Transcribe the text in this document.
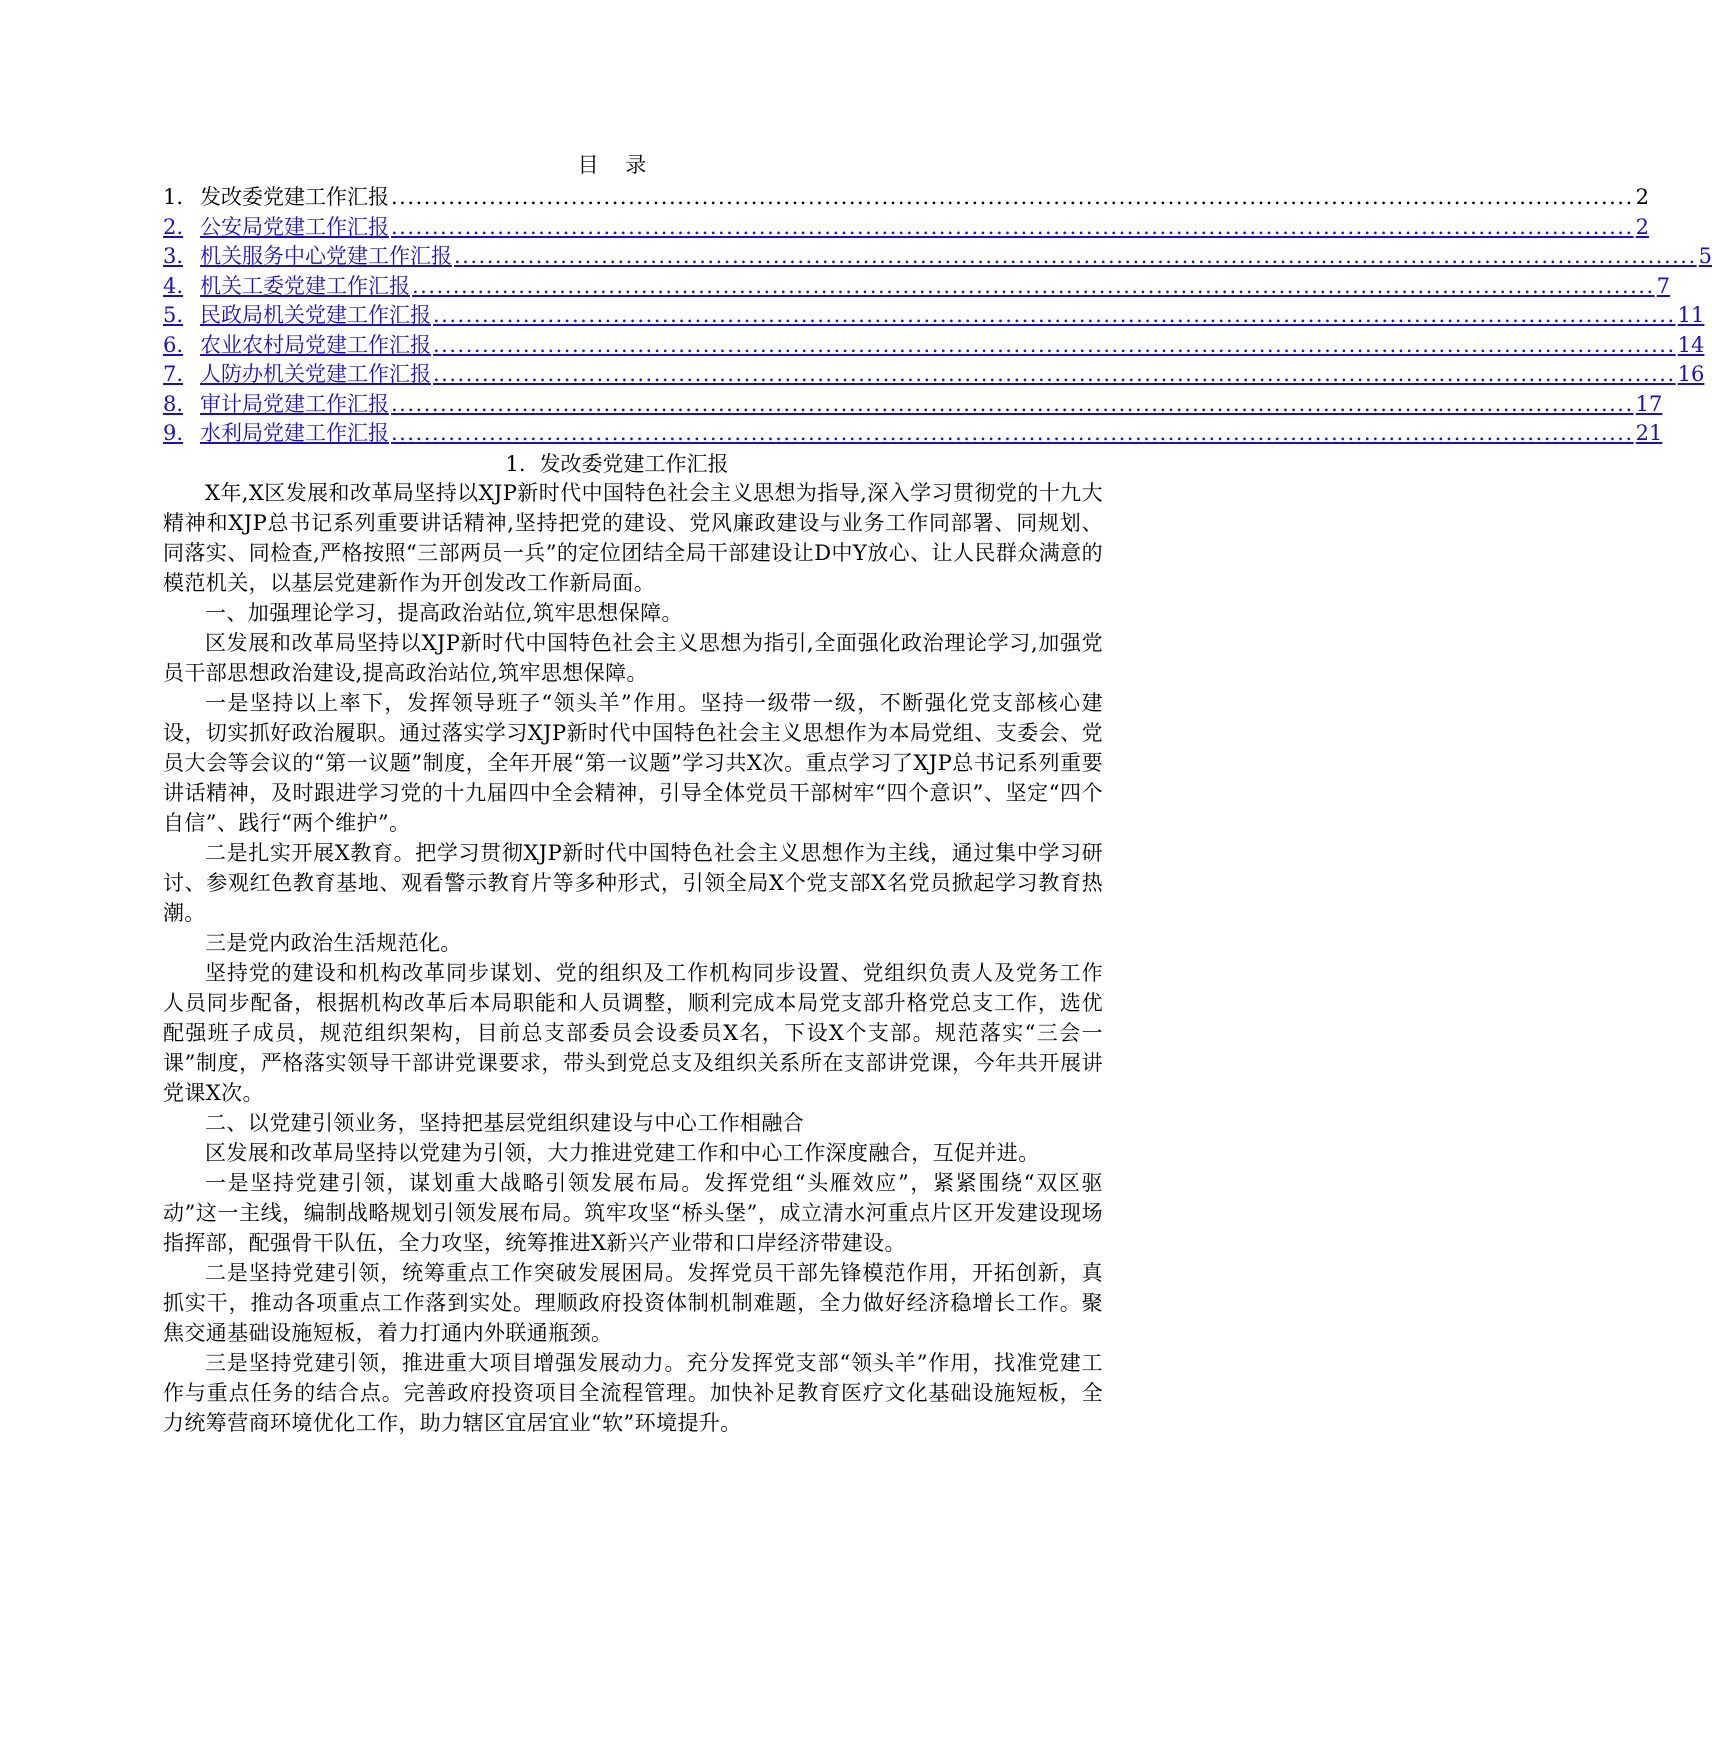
目 录
1. 发改委党建工作汇报 ........................................................................................................................................................ 2
2. 公安局党建工作汇报 ........................................................................................................................................................ 2
3. 机关服务中心党建工作汇报 ........................................................................................................................................................ 5
4. 机关工委党建工作汇报 ........................................................................................................................................................ 7
5. 民政局机关党建工作汇报 ........................................................................................................................................................ 11
6. 农业农村局党建工作汇报 ........................................................................................................................................................ 14
7. 人防办机关党建工作汇报 ........................................................................................................................................................ 16
8. 审计局党建工作汇报 ........................................................................................................................................................ 17
9. 水利局党建工作汇报 ........................................................................................................................................................ 21
1. 发改委党建工作汇报

X年,X区发展和改革局坚持以XJP新时代中国特色社会主义思想为指导,深入学习贯彻党的十九大精神和XJP总书记系列重要讲话精神,坚持把党的建设、党风廉政建设与业务工作同部署、同规划、同落实、同检查,严格按照“三部两员一兵”的定位团结全局干部建设让D中Y放心、让人民群众满意的模范机关，以基层党建新作为开创发改工作新局面。

一、加强理论学习，提高政治站位,筑牢思想保障。

区发展和改革局坚持以XJP新时代中国特色社会主义思想为指引,全面强化政治理论学习,加强党员干部思想政治建设,提高政治站位,筑牢思想保障。

一是坚持以上率下，发挥领导班子“领头羊”作用。坚持一级带一级，不断强化党支部核心建设，切实抓好政治履职。通过落实学习XJP新时代中国特色社会主义思想作为本局党组、支委会、党员大会等会议的“第一议题”制度，全年开展“第一议题”学习共X次。重点学习了XJP总书记系列重要讲话精神，及时跟进学习党的十九届四中全会精神，引导全体党员干部树牢“四个意识”、坚定“四个自信”、践行“两个维护”。

二是扎实开展X教育。把学习贯彻XJP新时代中国特色社会主义思想作为主线，通过集中学习研讨、参观红色教育基地、观看警示教育片等多种形式，引领全局X个党支部X名党员掀起学习教育热潮。

三是党内政治生活规范化。

坚持党的建设和机构改革同步谋划、党的组织及工作机构同步设置、党组织负责人及党务工作人员同步配备，根据机构改革后本局职能和人员调整，顺利完成本局党支部升格党总支工作，选优配强班子成员，规范组织架构，目前总支部委员会设委员X名，下设X个支部。规范落实“三会一课”制度，严格落实领导干部讲党课要求，带头到党总支及组织关系所在支部讲党课，今年共开展讲党课X次。

二、以党建引领业务，坚持把基层党组织建设与中心工作相融合

区发展和改革局坚持以党建为引领，大力推进党建工作和中心工作深度融合，互促并进。

一是坚持党建引领，谋划重大战略引领发展布局。发挥党组“头雁效应”，紧紧围绕“双区驱动”这一主线，编制战略规划引领发展布局。筑牢攻坚“桥头堡”，成立清水河重点片区开发建设现场指挥部，配强骨干队伍，全力攻坚，统筹推进X新兴产业带和口岸经济带建设。

二是坚持党建引领，统筹重点工作突破发展困局。发挥党员干部先锋模范作用，开拓创新，真抓实干，推动各项重点工作落到实处。理顺政府投资体制机制难题，全力做好经济稳增长工作。聚焦交通基础设施短板，着力打通内外联通瓶颈。

三是坚持党建引领，推进重大项目增强发展动力。充分发挥党支部“领头羊”作用，找准党建工作与重点任务的结合点。完善政府投资项目全流程管理。加快补足教育医疗文化基础设施短板，全力统筹营商环境优化工作，助力辖区宜居宜业“软”环境提升。
